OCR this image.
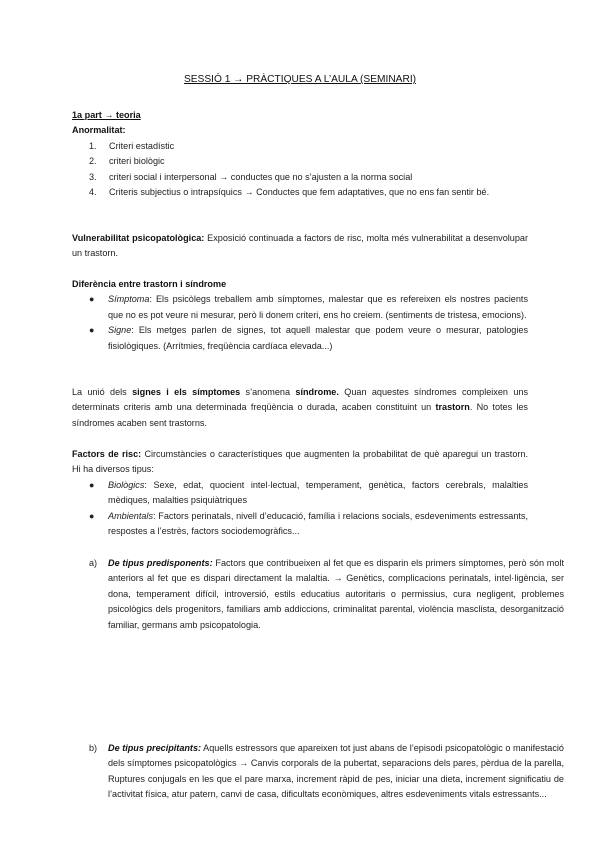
SESSIÓ 1 → PRÀCTIQUES A L’AULA (SEMINARI)
1a part → teoria
Anormalitat:
1.	Criteri estadístic
2.	criteri biològic
3.	criteri social i interpersonal → conductes que no s’ajusten a la norma social
4.	Criteris subjectius o intrapsíquics → Conductes que fem adaptatives, que no ens fan sentir bé.
Vulnerabilitat psicopatològica: Exposició continuada a factors de risc, molta més vulnerabilitat a desenvolupar un trastorn.
Diferència entre trastorn i síndrome
● Símptoma: Els psicòlegs treballem amb símptomes, malestar que es refereixen els nostres pacients que no es pot veure ni mesurar, però li donem criteri, ens ho creiem. (sentiments de tristesa, emocions).
● Signe: Els metges parlen de signes, tot aquell malestar que podem veure o mesurar, patologies fisiològiques. (Arrítmies, freqüència cardíaca elevada...)
La unió dels signes i els símptomes s’anomena síndrome. Quan aquestes síndromes compleixen uns determinats criteris amb una determinada freqüència o durada, acaben constituint un trastorn. No totes les síndromes acaben sent trastorns.
Factors de risc: Circumstàncies o característiques que augmenten la probabilitat de què aparegui un trastorn. Hi ha diversos tipus:
● Biològics: Sexe, edat, quocient intel·lectual, temperament, genètica, factors cerebrals, malalties mèdiques, malalties psiquiàtriques
● Ambientals: Factors perinatals, nivell d’educació, família i relacions socials, esdeveniments estressants, respostes a l’estrès, factors sociodemogràfics...
a) De tipus predisponents: Factors que contribueixen al fet que es disparin els primers símptomes, però són molt anteriors al fet que es dispari directament la malaltia. → Genètics, complicacions perinatals, intel·ligència, ser dona, temperament difícil, introversió, estils educatius autoritaris o permissius, cura negligent, problemes psicològics dels progenitors, familiars amb addiccions, criminalitat parental, violència masclista, desorganització familiar, germans amb psicopatologia.
b) De tipus precipitants: Aquells estressors que apareixen tot just abans de l’episodi psicopatològic o manifestació dels símptomes psicopatològics → Canvis corporals de la pubertat, separacions dels pares, pèrdua de la parella, Ruptures conjugals en les que el pare marxa, increment ràpid de pes, iniciar una dieta, increment significatiu de l’activitat física, atur patern, canvi de casa, dificultats econòmiques, altres esdeveniments vitals estressants...
